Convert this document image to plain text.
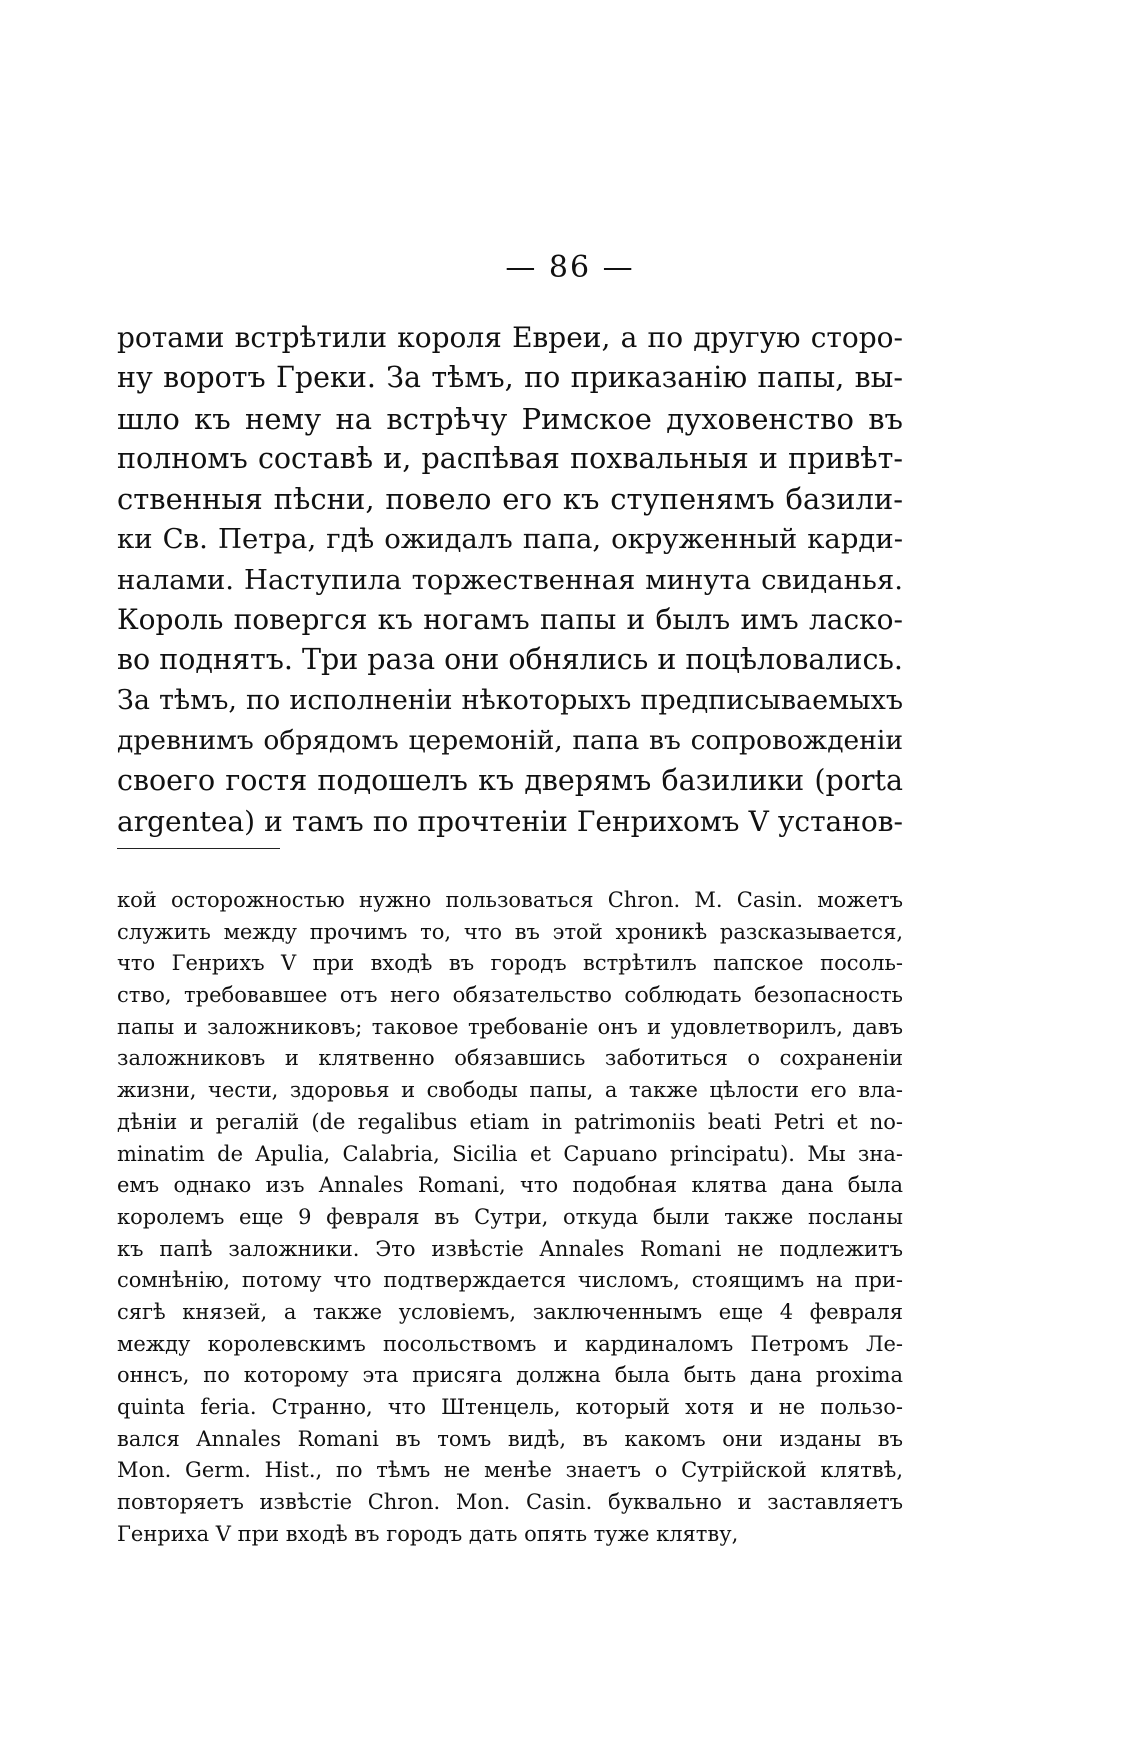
— 86 —
ротами встрѣтили короля Евреи, а по другую сторо-
ну воротъ Греки. За тѣмъ, по приказанію папы, вы-
шло къ нему на встрѣчу Римское духовенство въ
полномъ составѣ и, распѣвая похвальныя и привѣт-
ственныя пѣсни, повело его къ ступенямъ базили-
ки Св. Петра, гдѣ ожидалъ папа, окруженный карди-
налами. Наступила торжественная минута свиданья.
Король повергся къ ногамъ папы и былъ имъ ласко-
во поднятъ. Три раза они обнялись и поцѣловались.
За тѣмъ, по исполненіи нѣкоторыхъ предписываемыхъ
древнимъ обрядомъ церемоній, папа въ сопровожденіи
своего гостя подошелъ къ дверямъ базилики (porta
argentea) и тамъ по прочтеніи Генрихомъ V установ-
кой осторожностью нужно пользоваться Chron. M. Casin. можетъ
служить между прочимъ то, что въ этой хроникѣ разсказывается,
что Генрихъ V при входѣ въ городъ встрѣтилъ папское посоль-
ство, требовавшее отъ него обязательство соблюдать безопасность
папы и заложниковъ; таковое требованіе онъ и удовлетворилъ, давъ
заложниковъ и клятвенно обязавшись заботиться о сохраненіи
жизни, чести, здоровья и свободы папы, а также цѣлости его вла-
дѣніи и регалій (de regalibus etiam in patrimoniis beati Petri et no-
minatim de Apulia, Calabria, Sicilia et Capuano principatu). Мы зна-
емъ однако изъ Annales Romani, что подобная клятва дана была
королемъ еще 9 февраля въ Сутри, откуда были также посланы
къ папѣ заложники. Это извѣстіе Annales Romani не подлежитъ
сомнѣнію, потому что подтверждается числомъ, стоящимъ на при-
сягѣ князей, а также условіемъ, заключеннымъ еще 4 февраля
между королевскимъ посольствомъ и кардиналомъ Петромъ Ле-
оннсъ, по которому эта присяга должна была быть дана proxima
quinta feria. Странно, что Штенцель, который хотя и не пользо-
вался Annales Romani въ томъ видѣ, въ какомъ они изданы въ
Mon. Germ. Hist., по тѣмъ не менѣе знаетъ о Сутрійской клятвѣ,
повторяетъ извѣстіе Chron. Mon. Casin. буквально и заставляетъ
Генриха V при входѣ въ городъ дать опять туже клятву,
